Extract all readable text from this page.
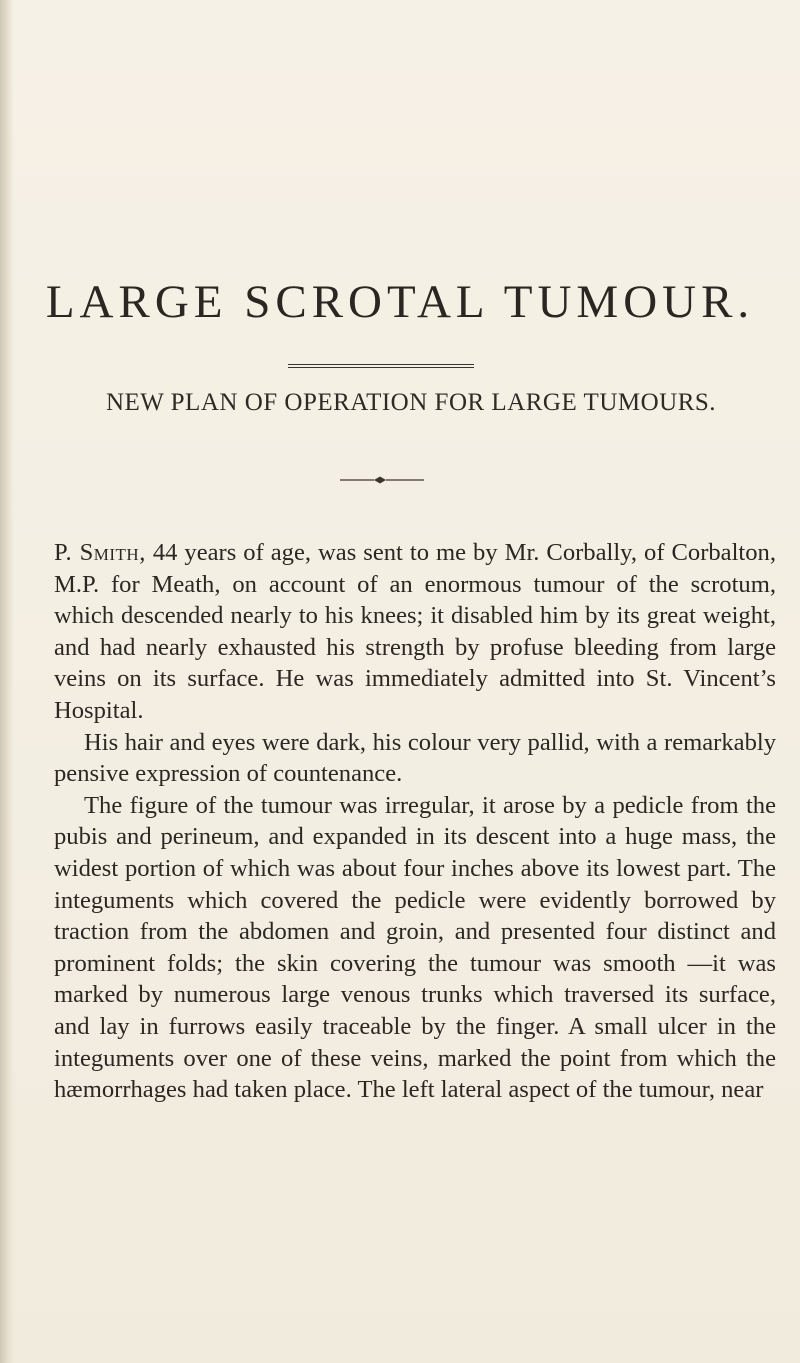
LARGE SCROTAL TUMOUR.
NEW PLAN OF OPERATION FOR LARGE TUMOURS.

P. Smith, 44 years of age, was sent to me by Mr. Corbally, of Corbalton, M.P. for Meath, on account of an enormous tumour of the scrotum, which descended nearly to his knees; it disabled him by its great weight, and had nearly exhausted his strength by profuse bleeding from large veins on its surface. He was immediately admitted into St. Vincent’s Hospital.

His hair and eyes were dark, his colour very pallid, with a remarkably pensive expression of countenance.

The figure of the tumour was irregular, it arose by a pedicle from the pubis and perineum, and expanded in its descent into a huge mass, the widest portion of which was about four inches above its lowest part. The integuments which covered the pedicle were evidently borrowed by traction from the abdomen and groin, and presented four distinct and prominent folds; the skin covering the tumour was smooth —it was marked by numerous large venous trunks which traversed its surface, and lay in furrows easily traceable by the finger. A small ulcer in the integuments over one of these veins, marked the point from which the hæmorrhages had taken place. The left lateral aspect of the tumour, near
